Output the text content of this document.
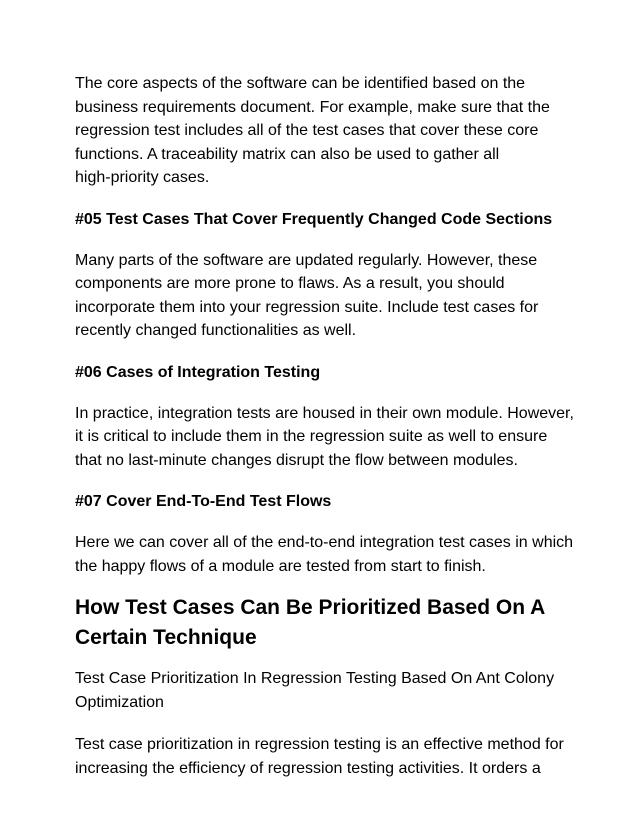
The core aspects of the software can be identified based on the
business requirements document. For example, make sure that the
regression test includes all of the test cases that cover these core
functions. A traceability matrix can also be used to gather all
high-priority cases.

#05 Test Cases That Cover Frequently Changed Code Sections

Many parts of the software are updated regularly. However, these
components are more prone to flaws. As a result, you should
incorporate them into your regression suite. Include test cases for
recently changed functionalities as well.

#06 Cases of Integration Testing

In practice, integration tests are housed in their own module. However,
it is critical to include them in the regression suite as well to ensure
that no last-minute changes disrupt the flow between modules.

#07 Cover End-To-End Test Flows

Here we can cover all of the end-to-end integration test cases in which
the happy flows of a module are tested from start to finish.

How Test Cases Can Be Prioritized Based On A
Certain Technique

Test Case Prioritization In Regression Testing Based On Ant Colony
Optimization

Test case prioritization in regression testing is an effective method for
increasing the efficiency of regression testing activities. It orders a
